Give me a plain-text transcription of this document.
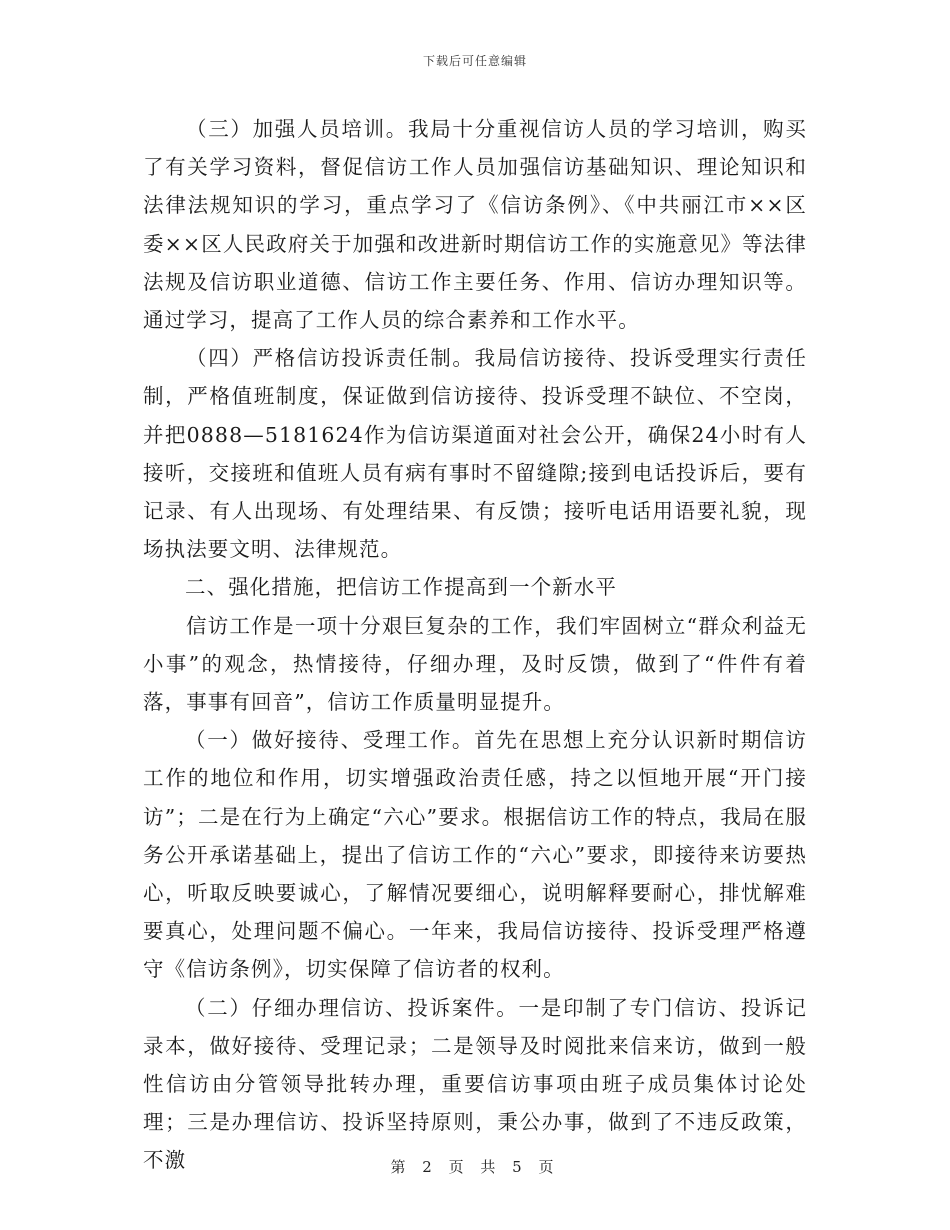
下载后可任意编辑

（三）加强人员培训。我局十分重视信访人员的学习培训，购买了有关学习资料，督促信访工作人员加强信访基础知识、理论知识和法律法规知识的学习，重点学习了《信访条例》、《中共丽江市××区委××区人民政府关于加强和改进新时期信访工作的实施意见》等法律法规及信访职业道德、信访工作主要任务、作用、信访办理知识等。通过学习，提高了工作人员的综合素养和工作水平。

（四）严格信访投诉责任制。我局信访接待、投诉受理实行责任制，严格值班制度，保证做到信访接待、投诉受理不缺位、不空岗，并把0888—5181624作为信访渠道面对社会公开，确保24小时有人接听，交接班和值班人员有病有事时不留缝隙;接到电话投诉后，要有记录、有人出现场、有处理结果、有反馈；接听电话用语要礼貌，现场执法要文明、法律规范。

二、强化措施，把信访工作提高到一个新水平

信访工作是一项十分艰巨复杂的工作，我们牢固树立“群众利益无小事”的观念，热情接待，仔细办理，及时反馈，做到了“件件有着落，事事有回音”，信访工作质量明显提升。

（一）做好接待、受理工作。首先在思想上充分认识新时期信访工作的地位和作用，切实增强政治责任感，持之以恒地开展“开门接访”；二是在行为上确定“六心”要求。根据信访工作的特点，我局在服务公开承诺基础上，提出了信访工作的“六心”要求，即接待来访要热心，听取反映要诚心，了解情况要细心，说明解释要耐心，排忧解难要真心，处理问题不偏心。一年来，我局信访接待、投诉受理严格遵守《信访条例》，切实保障了信访者的权利。

（二）仔细办理信访、投诉案件。一是印制了专门信访、投诉记录本，做好接待、受理记录；二是领导及时阅批来信来访，做到一般性信访由分管领导批转办理，重要信访事项由班子成员集体讨论处理；三是办理信访、投诉坚持原则，秉公办事，做到了不违反政策，不激	第 2 页 共 5 页
